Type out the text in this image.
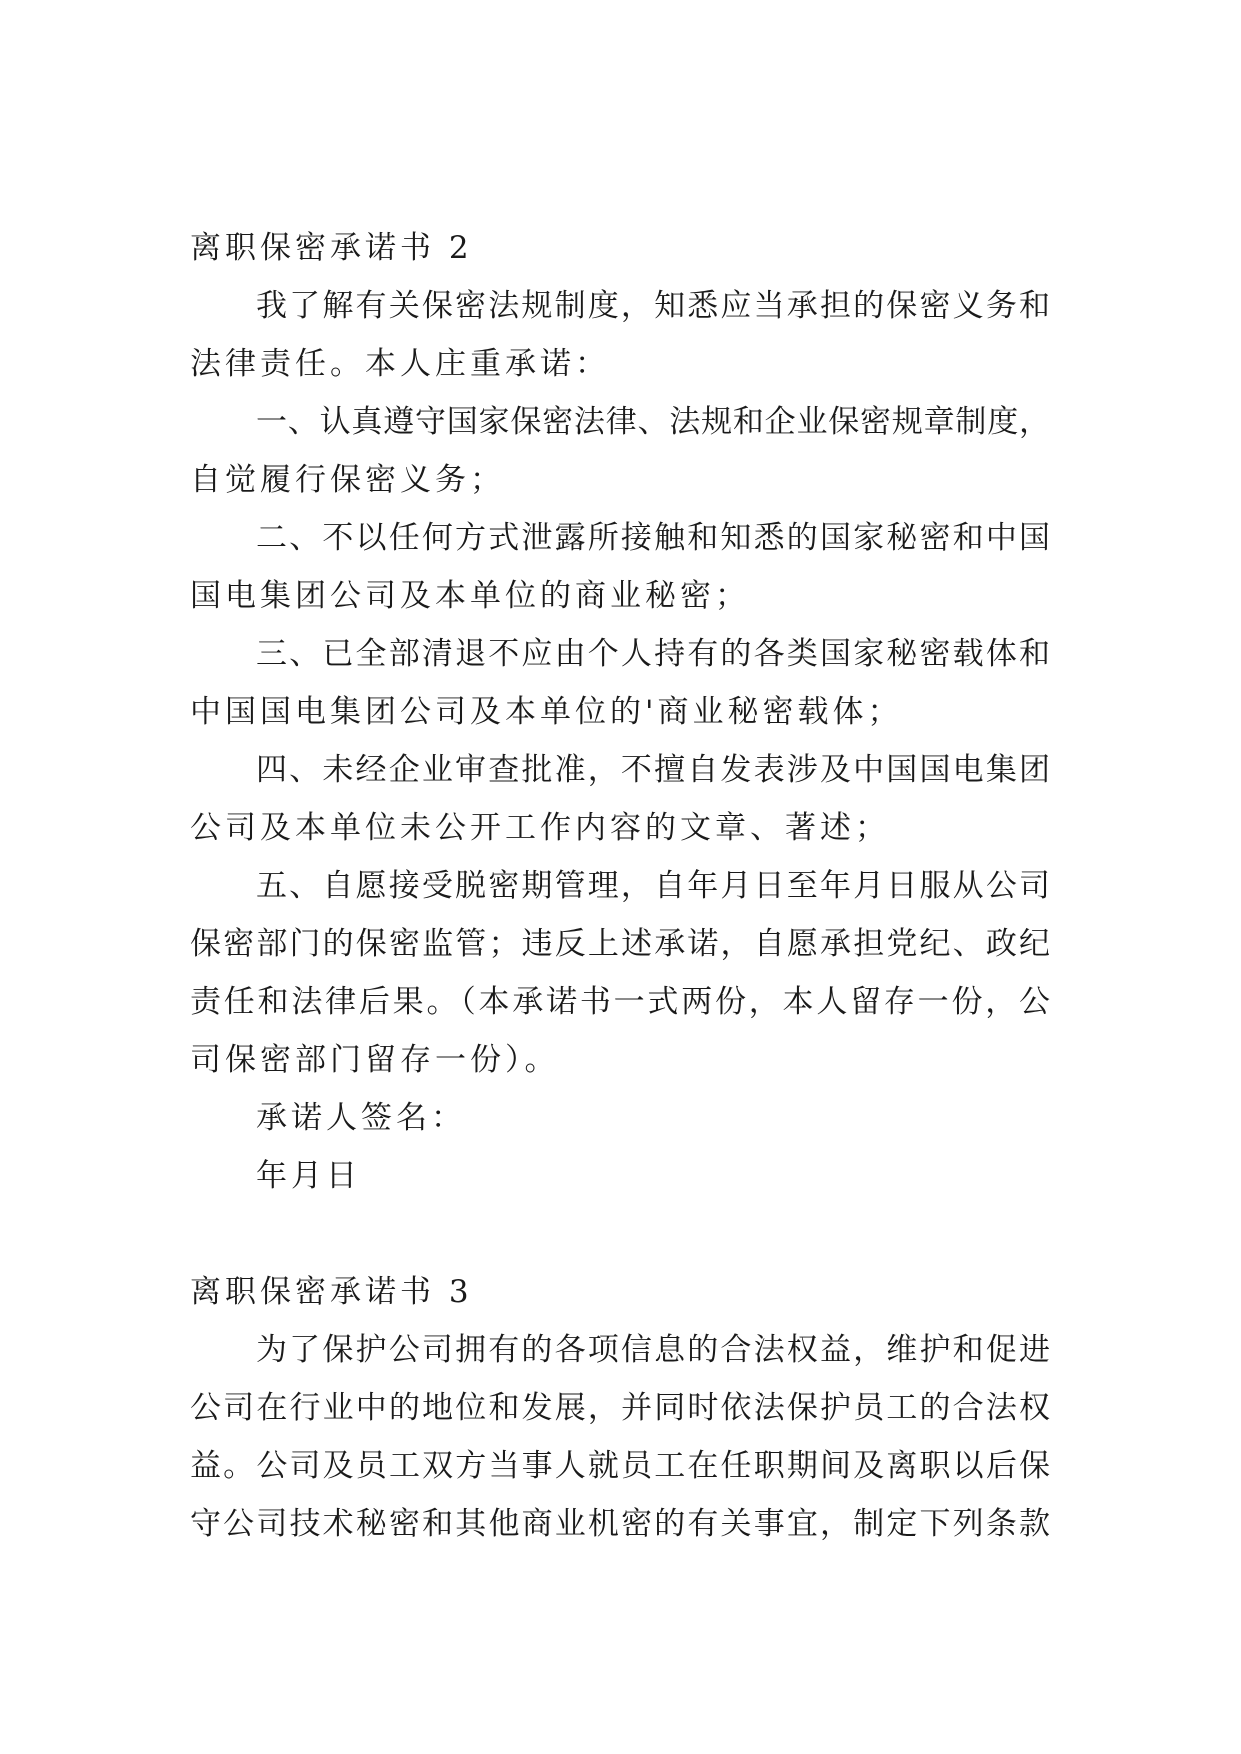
离职保密承诺书 2
我了解有关保密法规制度，知悉应当承担的保密义务和
法律责任。本人庄重承诺：
一、认真遵守国家保密法律、法规和企业保密规章制度，
自觉履行保密义务；
二、不以任何方式泄露所接触和知悉的国家秘密和中国
国电集团公司及本单位的商业秘密；
三、已全部清退不应由个人持有的各类国家秘密载体和
中国国电集团公司及本单位的'商业秘密载体；
四、未经企业审查批准，不擅自发表涉及中国国电集团
公司及本单位未公开工作内容的文章、著述；
五、自愿接受脱密期管理，自年月日至年月日服从公司
保密部门的保密监管；违反上述承诺，自愿承担党纪、政纪
责任和法律后果。（本承诺书一式两份，本人留存一份，公
司保密部门留存一份）。
承诺人签名：
年月日
离职保密承诺书 3
为了保护公司拥有的各项信息的合法权益，维护和促进
公司在行业中的地位和发展，并同时依法保护员工的合法权
益。公司及员工双方当事人就员工在任职期间及离职以后保
守公司技术秘密和其他商业机密的有关事宜，制定下列条款
